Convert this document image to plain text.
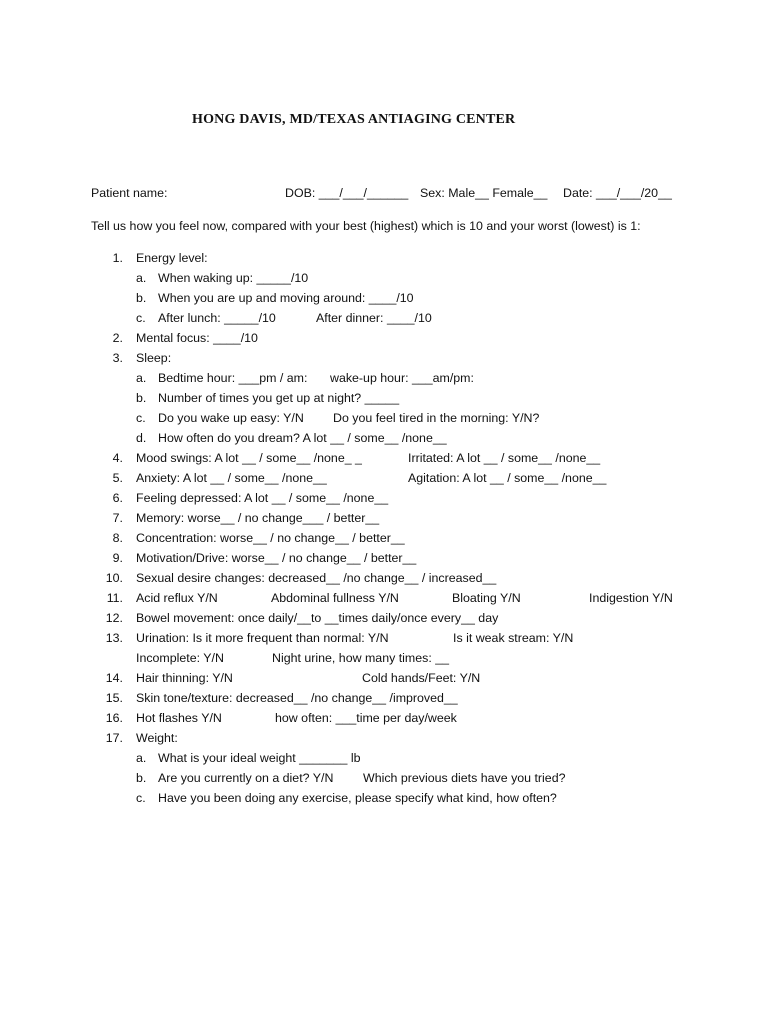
HONG DAVIS, MD/TEXAS ANTIAGING CENTER
Patient name:	DOB: ___/___/______ Sex: Male__ Female__ Date: ___/___/20__
Tell us how you feel now, compared with your best (highest) which is 10 and your worst (lowest) is 1:
1. Energy level:
a. When waking up: _____/10
b. When you are up and moving around: ____/10
c. After lunch: _____/10	After dinner: ____/10
2. Mental focus: ____/10
3. Sleep:
a. Bedtime hour: ___pm / am: wake-up hour: ___am/pm:
b. Number of times you get up at night? _____
c. Do you wake up easy: Y/N Do you feel tired in the morning: Y/N?
d. How often do you dream? A lot __ / some__ /none__
4. Mood swings: A lot __ / some__ /none_ _	Irritated: A lot __ / some__ /none__
5. Anxiety: A lot __ / some__ /none__	Agitation: A lot __ / some__ /none__
6. Feeling depressed: A lot __ / some__ /none__
7. Memory: worse__ / no change___ / better__
8. Concentration: worse__ / no change__ / better__
9. Motivation/Drive: worse__ / no change__ / better__
10. Sexual desire changes: decreased__ /no change__ / increased__
11. Acid reflux Y/N	Abdominal fullness Y/N	Bloating Y/N	Indigestion Y/N
12. Bowel movement: once daily/__to __times daily/once every__ day
13. Urination: Is it more frequent than normal: Y/N	Is it weak stream: Y/N
Incomplete: Y/N	Night urine, how many times: __
14. Hair thinning: Y/N	Cold hands/Feet: Y/N
15. Skin tone/texture: decreased__ /no change__ /improved__
16. Hot flashes Y/N	how often: ___time per day/week
17. Weight:
a. What is your ideal weight _______ lb
b. Are you currently on a diet? Y/N Which previous diets have you tried?
c. Have you been doing any exercise, please specify what kind, how often?
